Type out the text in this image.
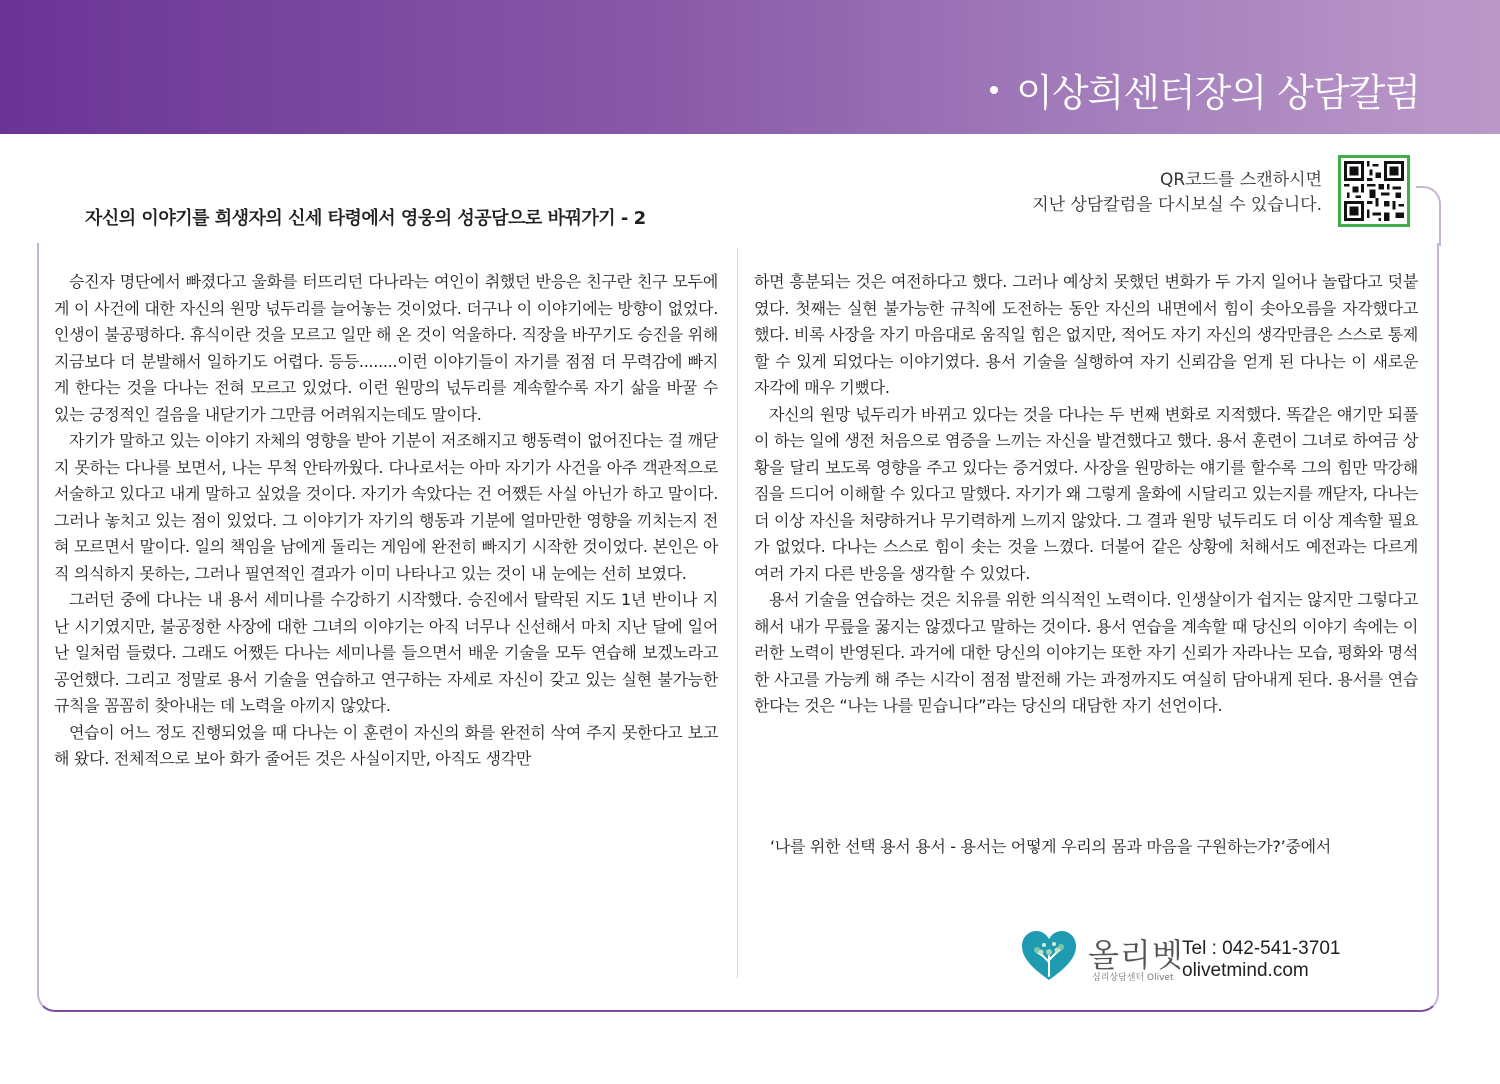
이상희센터장의 상담칼럼
QR코드를 스캔하시면
지난 상담칼럼을 다시보실 수 있습니다.
자신의 이야기를 희생자의 신세 타령에서 영웅의 성공담으로 바꿔가기 - 2

승진자 명단에서 빠졌다고 울화를 터뜨리던 다나라는 여인이 취했던 반응은 친구란 친구 모두에게 이 사건에 대한 자신의 원망 넋두리를 늘어놓는 것이었다. 더구나 이 이야기에는 방향이 없었다. 인생이 불공평하다. 휴식이란 것을 모르고 일만 해 온 것이 억울하다. 직장을 바꾸기도 승진을 위해 지금보다 더 분발해서 일하기도 어렵다. 등등........이런 이야기들이 자기를 점점 더 무력감에 빠지게 한다는 것을 다나는 전혀 모르고 있었다. 이런 원망의 넋두리를 계속할수록 자기 삶을 바꿀 수 있는 긍정적인 걸음을 내닫기가 그만큼 어려워지는데도 말이다.

자기가 말하고 있는 이야기 자체의 영향을 받아 기분이 저조해지고 행동력이 없어진다는 걸 깨닫지 못하는 다나를 보면서, 나는 무척 안타까웠다. 다나로서는 아마 자기가 사건을 아주 객관적으로 서술하고 있다고 내게 말하고 싶었을 것이다. 자기가 속았다는 건 어쨌든 사실 아닌가 하고 말이다. 그러나 놓치고 있는 점이 있었다. 그 이야기가 자기의 행동과 기분에 얼마만한 영향을 끼치는지 전혀 모르면서 말이다. 일의 책임을 남에게 돌리는 게임에 완전히 빠지기 시작한 것이었다. 본인은 아직 의식하지 못하는, 그러나 필연적인 결과가 이미 나타나고 있는 것이 내 눈에는 선히 보였다.

그러던 중에 다나는 내 용서 세미나를 수강하기 시작했다. 승진에서 탈락된 지도 1년 반이나 지난 시기였지만, 불공정한 사장에 대한 그녀의 이야기는 아직 너무나 신선해서 마치 지난 달에 일어난 일처럼 들렸다. 그래도 어쨌든 다나는 세미나를 들으면서 배운 기술을 모두 연습해 보겠노라고 공언했다. 그리고 정말로 용서 기술을 연습하고 연구하는 자세로 자신이 갖고 있는 실현 불가능한 규칙을 꼼꼼히 찾아내는 데 노력을 아끼지 않았다.

연습이 어느 정도 진행되었을 때 다나는 이 훈련이 자신의 화를 완전히 삭여 주지 못한다고 보고해 왔다. 전체적으로 보아 화가 줄어든 것은 사실이지만, 아직도 생각만

하면 흥분되는 것은 여전하다고 했다. 그러나 예상치 못했던 변화가 두 가지 일어나 놀랍다고 덧붙였다. 첫째는 실현 불가능한 규칙에 도전하는 동안 자신의 내면에서 힘이 솟아오름을 자각했다고 했다. 비록 사장을 자기 마음대로 움직일 힘은 없지만, 적어도 자기 자신의 생각만큼은 스스로 통제할 수 있게 되었다는 이야기였다. 용서 기술을 실행하여 자기 신뢰감을 얻게 된 다나는 이 새로운 자각에 매우 기뻤다.

자신의 원망 넋두리가 바뀌고 있다는 것을 다나는 두 번째 변화로 지적했다. 똑같은 얘기만 되풀이 하는 일에 생전 처음으로 염증을 느끼는 자신을 발견했다고 했다. 용서 훈련이 그녀로 하여금 상황을 달리 보도록 영향을 주고 있다는 증거였다. 사장을 원망하는 얘기를 할수록 그의 힘만 막강해 짐을 드디어 이해할 수 있다고 말했다. 자기가 왜 그렇게 울화에 시달리고 있는지를 깨닫자, 다나는 더 이상 자신을 처량하거나 무기력하게 느끼지 않았다. 그 결과 원망 넋두리도 더 이상 계속할 필요가 없었다. 다나는 스스로 힘이 솟는 것을 느꼈다. 더불어 같은 상황에 처해서도 예전과는 다르게 여러 가지 다른 반응을 생각할 수 있었다.

용서 기술을 연습하는 것은 치유를 위한 의식적인 노력이다. 인생살이가 쉽지는 않지만 그렇다고 해서 내가 무릎을 꿇지는 않겠다고 말하는 것이다. 용서 연습을 계속할 때 당신의 이야기 속에는 이러한 노력이 반영된다. 과거에 대한 당신의 이야기는 또한 자기 신뢰가 자라나는 모습, 평화와 명석한 사고를 가능케 해 주는 시각이 점점 발전해 가는 과정까지도 여실히 담아내게 된다. 용서를 연습한다는 것은 “나는 나를 믿습니다”라는 당신의 대담한 자기 선언이다.

‘나를 위한 선택 용서 용서 - 용서는 어떻게 우리의 몸과 마음을 구원하는가?’중에서
올리벳
심리상담센터 Olivet
Tel : 042-541-3701
olivetmind.com
